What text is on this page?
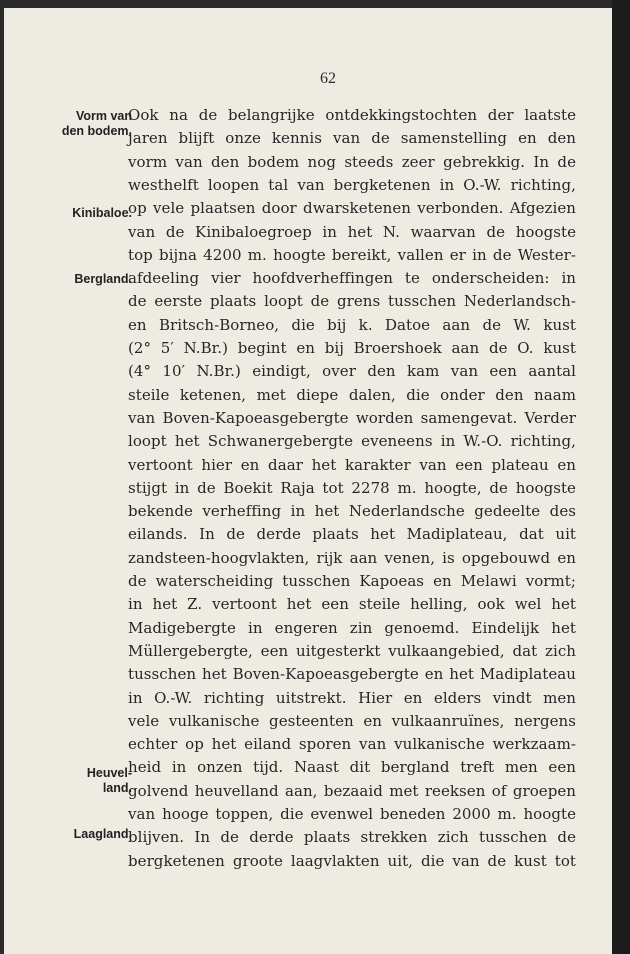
62
Vorm van
den bodem.
Kinibaloe.
Bergland.
Heuvel-
land.
Laagland.
Ook na de belangrijke ontdekkingstochten der laatste
jaren blijft onze kennis van de samenstelling en den
vorm van den bodem nog steeds zeer gebrekkig. In de
westhelft loopen tal van bergketenen in O.-W. richting,
op vele plaatsen door dwarsketenen verbonden. Afgezien
van de Kinibaloegroep in het N. waarvan de hoogste
top bijna 4200 m. hoogte bereikt, vallen er in de Wester-
afdeeling vier hoofdverheffingen te onderscheiden: in
de eerste plaats loopt de grens tusschen Nederlandsch-
en Britsch-Borneo, die bij k. Datoe aan de W. kust
(2° 5′ N.Br.) begint en bij Broershoek aan de O. kust
(4° 10′ N.Br.) eindigt, over den kam van een aantal
steile ketenen, met diepe dalen, die onder den naam
van Boven-Kapoeasgebergte worden samengevat. Verder
loopt het Schwanergebergte eveneens in W.-O. richting,
vertoont hier en daar het karakter van een plateau en
stijgt in de Boekit Raja tot 2278 m. hoogte, de hoogste
bekende verheffing in het Nederlandsche gedeelte des
eilands. In de derde plaats het Madiplateau, dat uit
zandsteen-hoogvlakten, rijk aan venen, is opgebouwd en
de waterscheiding tusschen Kapoeas en Melawi vormt;
in het Z. vertoont het een steile helling, ook wel het
Madigebergte in engeren zin genoemd. Eindelijk het
Müllergebergte, een uitgesterkt vulkaangebied, dat zich
tusschen het Boven-Kapoeasgebergte en het Madiplateau
in O.-W. richting uitstrekt. Hier en elders vindt men
vele vulkanische gesteenten en vulkaanruïnes, nergens
echter op het eiland sporen van vulkanische werkzaam-
heid in onzen tijd. Naast dit bergland treft men een
golvend heuvelland aan, bezaaid met reeksen of groepen
van hooge toppen, die evenwel beneden 2000 m. hoogte
blijven. In de derde plaats strekken zich tusschen de
bergketenen groote laagvlakten uit, die van de kust tot
